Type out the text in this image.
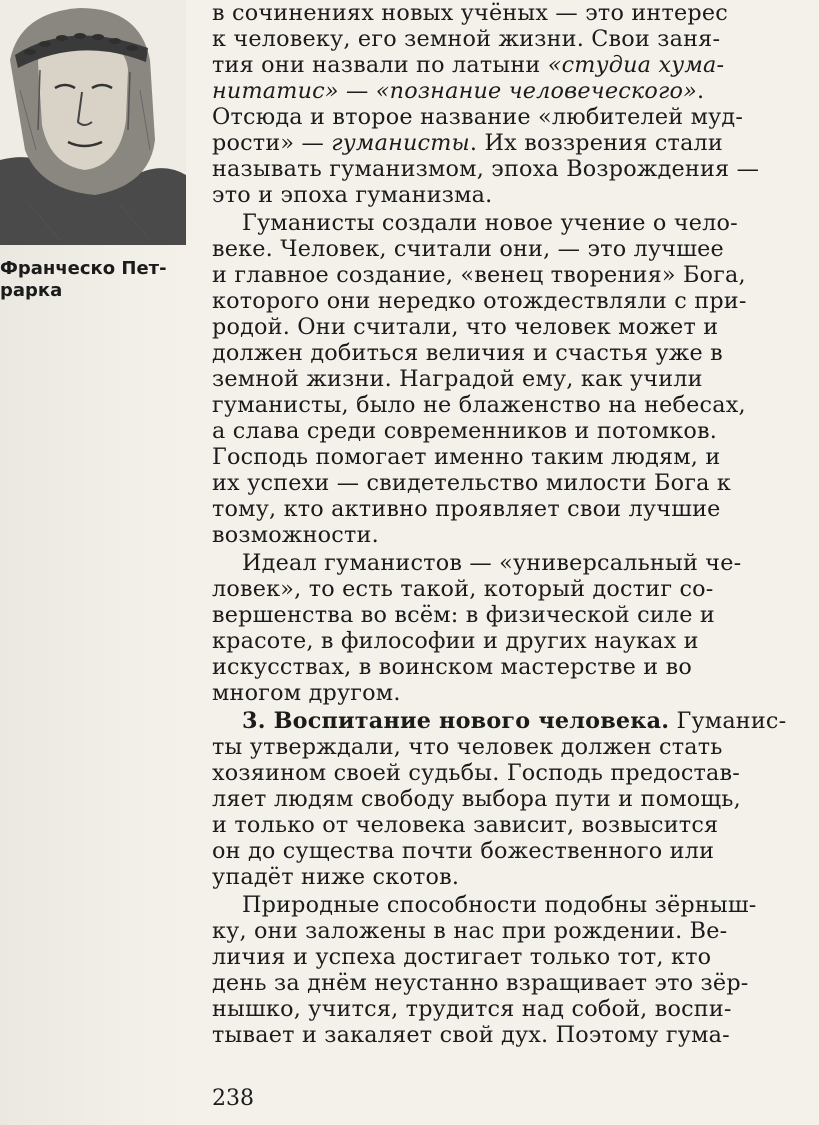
Франческо Пет-
рарка
в сочинениях новых учёных — это интерес
к человеку, его земной жизни. Свои заня-
тия они назвали по латыни «студиа хума-
нитатис» — «познание человеческого».
Отсюда и второе название «любителей муд-
рости» — гуманисты. Их воззрения стали
называть гуманизмом, эпоха Возрождения —
это и эпоха гуманизма.
Гуманисты создали новое учение о чело-
веке. Человек, считали они, — это лучшее
и главное создание, «венец творения» Бога,
которого они нередко отождествляли с при-
родой. Они считали, что человек может и
должен добиться величия и счастья уже в
земной жизни. Наградой ему, как учили
гуманисты, было не блаженство на небесах,
а слава среди современников и потомков.
Господь помогает именно таким людям, и
их успехи — свидетельство милости Бога к
тому, кто активно проявляет свои лучшие
возможности.
Идеал гуманистов — «универсальный че-
ловек», то есть такой, который достиг со-
вершенства во всём: в физической силе и
красоте, в философии и других науках и
искусствах, в воинском мастерстве и во
многом другом.
3. Воспитание нового человека. Гуманис-
ты утверждали, что человек должен стать
хозяином своей судьбы. Господь предостав-
ляет людям свободу выбора пути и помощь,
и только от человека зависит, возвысится
он до существа почти божественного или
упадёт ниже скотов.
Природные способности подобны зёрныш-
ку, они заложены в нас при рождении. Ве-
личия и успеха достигает только тот, кто
день за днём неустанно взращивает это зёр-
нышко, учится, трудится над собой, воспи-
тывает и закаляет свой дух. Поэтому гума-
238
